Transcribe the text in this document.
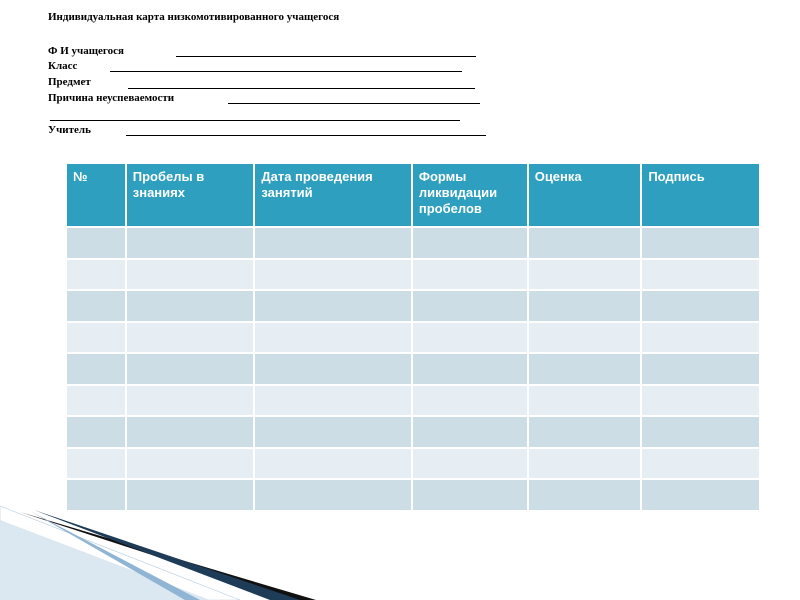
Индивидуальная карта низкомотивированного учащегося
Ф И учащегося
Класс
Предмет
Причина неуспеваемости
Учитель
№	Пробелы в знаниях	Дата проведения занятий	Формы ликвидации пробелов	Оценка	Подпись
